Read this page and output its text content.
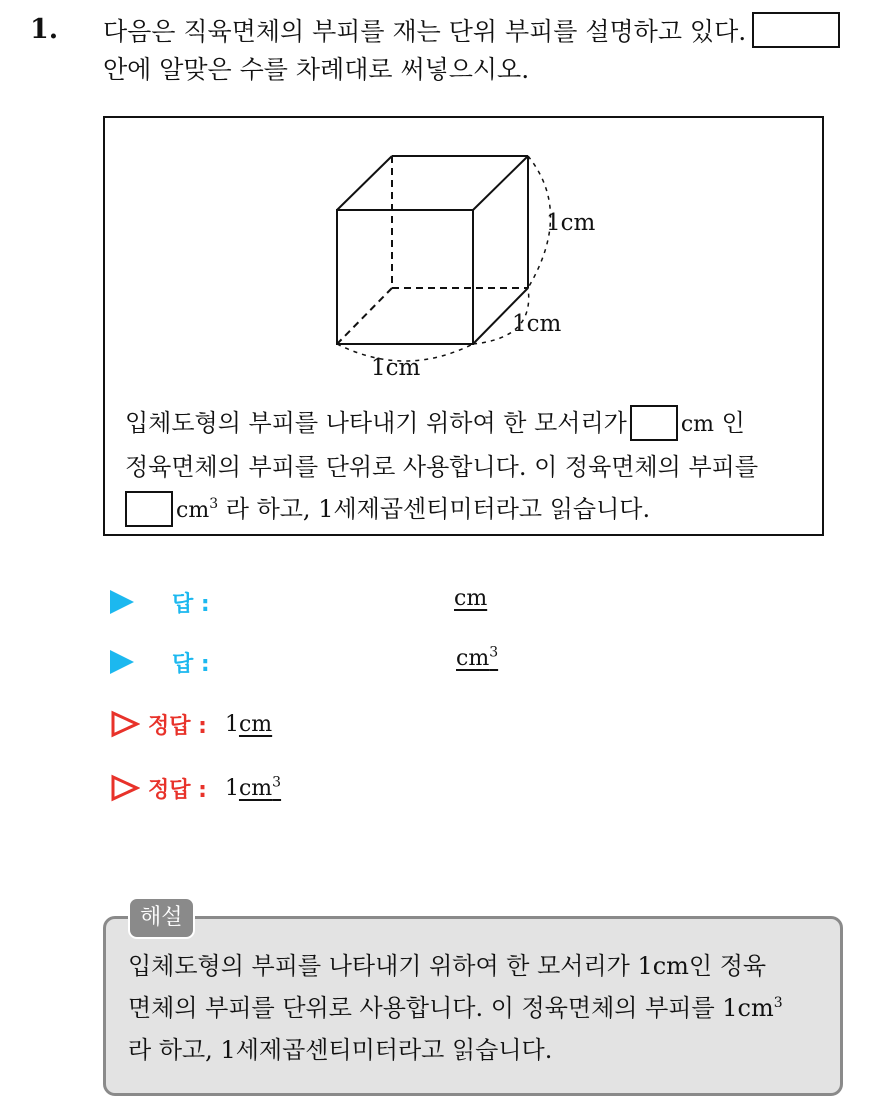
1. 다음은 직육면체의 부피를 재는 단위 부피를 설명하고 있다.
안에 알맞은 수를 차례대로 써넣으시오.
1cm
1cm
1cm
입체도형의 부피를 나타내기 위하여 한 모서리가 cm 인
정육면체의 부피를 단위로 사용합니다. 이 정육면체의 부피를
$cm^3$ 라 하고, 1세제곱센티미터라고 읽습니다.
답 :	cm
답 :	$cm^3$
정답 : 1cm
정답 : $1cm^3$
입체도형의 부피를 나타내기 위하여 한 모서리가 1cm인 정육
면체의 부피를 단위로 사용합니다. 이 정육면체의 부피를 $1cm^3$
라 하고, 1세제곱센티미터라고 읽습니다.
해설
